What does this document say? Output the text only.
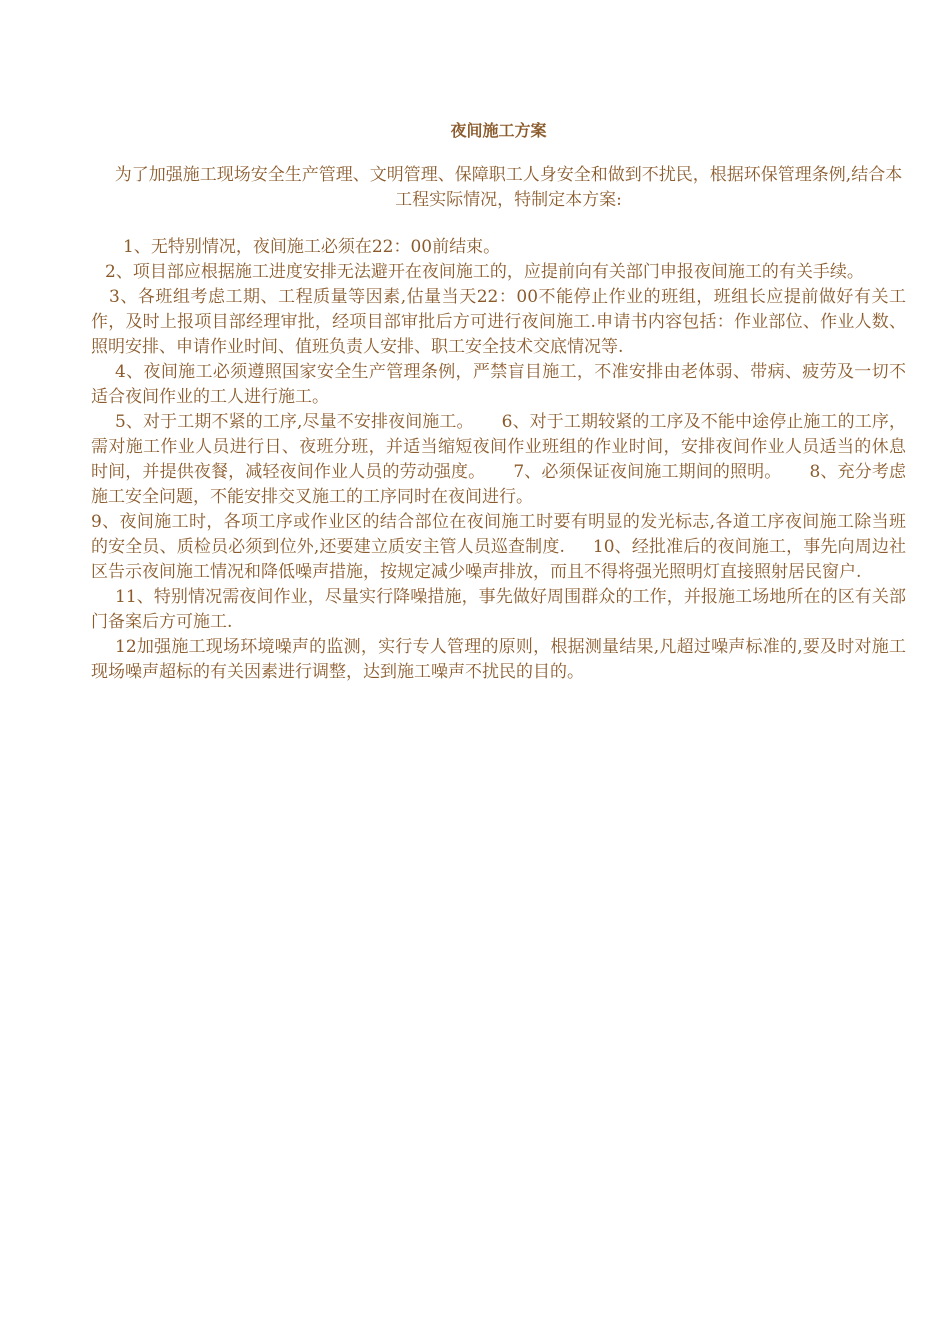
夜间施工方案
为了加强施工现场安全生产管理、文明管理、保障职工人身安全和做到不扰民，根据环保管理条例,结合本工程实际情况，特制定本方案:

1、无特别情况，夜间施工必须在22：00前结束。

2、项目部应根据施工进度安排无法避开在夜间施工的，应提前向有关部门申报夜间施工的有关手续。

3、各班组考虑工期、工程质量等因素,估量当天22：00不能停止作业的班组，班组长应提前做好有关工作，及时上报项目部经理审批，经项目部审批后方可进行夜间施工.申请书内容包括：作业部位、作业人数、照明安排、申请作业时间、值班负责人安排、职工安全技术交底情况等.

4、夜间施工必须遵照国家安全生产管理条例，严禁盲目施工，不准安排由老体弱、带病、疲劳及一切不适合夜间作业的工人进行施工。

5、对于工期不紧的工序,尽量不安排夜间施工。 6、对于工期较紧的工序及不能中途停止施工的工序，需对施工作业人员进行日、夜班分班，并适当缩短夜间作业班组的作业时间，安排夜间作业人员适当的休息时间，并提供夜餐，减轻夜间作业人员的劳动强度。 7、必须保证夜间施工期间的照明。 8、充分考虑施工安全问题，不能安排交叉施工的工序同时在夜间进行。

9、夜间施工时，各项工序或作业区的结合部位在夜间施工时要有明显的发光标志,各道工序夜间施工除当班的安全员、质检员必须到位外,还要建立质安主管人员巡查制度. 10、经批准后的夜间施工，事先向周边社区告示夜间施工情况和降低噪声措施，按规定减少噪声排放，而且不得将强光照明灯直接照射居民窗户.

11、特别情况需夜间作业，尽量实行降噪措施，事先做好周围群众的工作，并报施工场地所在的区有关部门备案后方可施工.

12加强施工现场环境噪声的监测，实行专人管理的原则，根据测量结果,凡超过噪声标准的,要及时对施工现场噪声超标的有关因素进行调整，达到施工噪声不扰民的目的。
